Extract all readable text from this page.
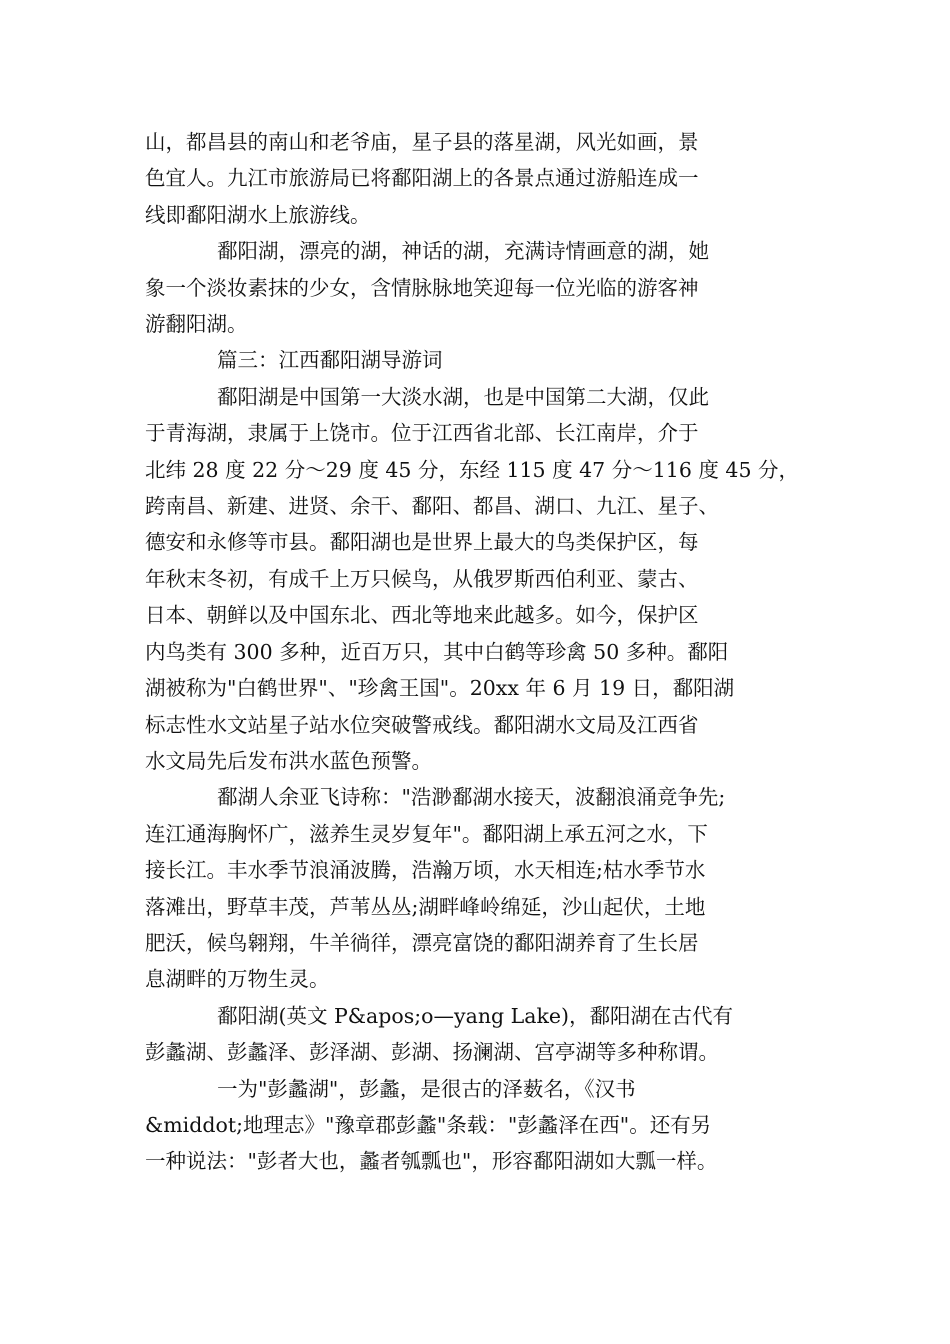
山，都昌县的南山和老爷庙，星子县的落星湖，风光如画，景
色宜人。九江市旅游局已将鄱阳湖上的各景点通过游船连成一
线即鄱阳湖水上旅游线。
鄱阳湖，漂亮的湖，神话的湖，充满诗情画意的湖，她
象一个淡妆素抹的少女，含情脉脉地笑迎每一位光临的游客神
游翻阳湖。
篇三：江西鄱阳湖导游词
鄱阳湖是中国第一大淡水湖，也是中国第二大湖，仅此
于青海湖，隶属于上饶市。位于江西省北部、长江南岸，介于
北纬 28 度 22 分～29 度 45 分，东经 115 度 47 分～116 度 45 分，
跨南昌、新建、进贤、余干、鄱阳、都昌、湖口、九江、星子、
德安和永修等市县。鄱阳湖也是世界上最大的鸟类保护区，每
年秋末冬初，有成千上万只候鸟，从俄罗斯西伯利亚、蒙古、
日本、朝鲜以及中国东北、西北等地来此越多。如今，保护区
内鸟类有 300 多种，近百万只，其中白鹤等珍禽 50 多种。鄱阳
湖被称为"白鹤世界"、"珍禽王国"。20xx 年 6 月 19 日，鄱阳湖
标志性水文站星子站水位突破警戒线。鄱阳湖水文局及江西省
水文局先后发布洪水蓝色预警。
鄱湖人余亚飞诗称："浩渺鄱湖水接天，波翻浪涌竞争先;
连江通海胸怀广，滋养生灵岁复年"。鄱阳湖上承五河之水，下
接长江。丰水季节浪涌波腾，浩瀚万顷，水天相连;枯水季节水
落滩出，野草丰茂，芦苇丛丛;湖畔峰岭绵延，沙山起伏，土地
肥沃，候鸟翱翔，牛羊徜徉，漂亮富饶的鄱阳湖养育了生长居
息湖畔的万物生灵。
鄱阳湖(英文 P&apos;o—yang Lake)，鄱阳湖在古代有
彭蠡湖、彭蠡泽、彭泽湖、彭湖、扬澜湖、宫亭湖等多种称谓。
一为"彭蠡湖"，彭蠡，是很古的泽薮名，《汉书
&middot;地理志》"豫章郡彭蠡"条载："彭蠡泽在西"。还有另
一种说法："彭者大也，蠡者瓠瓢也"，形容鄱阳湖如大瓢一样。
